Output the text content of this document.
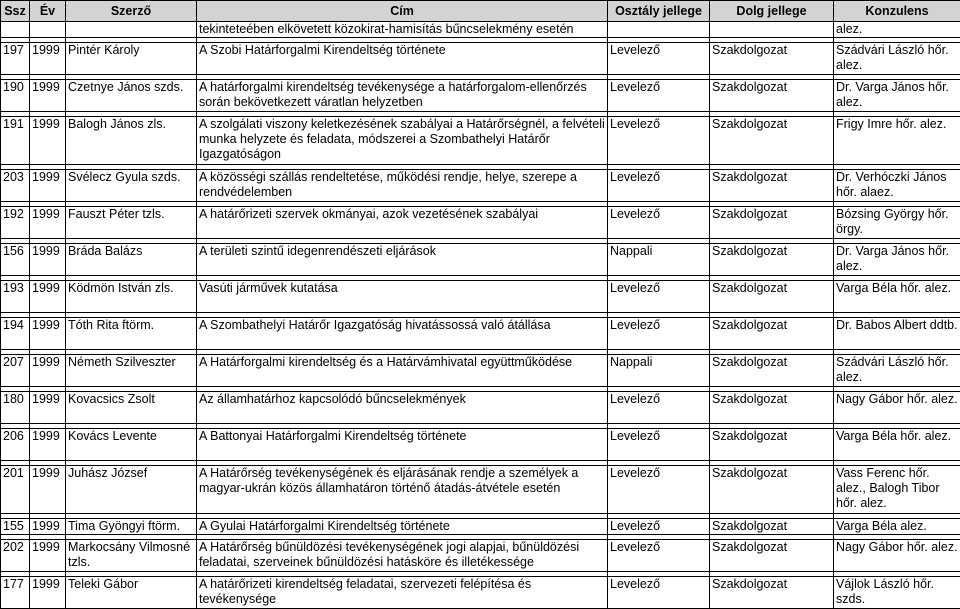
Ssz	Év	Szerző	Cím	Osztály jellege	Dolg jellege	Konzulens
			tekinteteében elkövetett közokirat-hamisítás bűncselekmény esetén			alez.

197	1999	Pintér Károly	A Szobi Határforgalmi Kirendeltség története	Levelező	Szakdolgozat	Szádvári László hőr. alez.

190	1999	Czetnye János szds.	A határforgalmi kirendeltség tevékenysége a határforgalom-ellenőrzés során bekövetkezett váratlan helyzetben	Levelező	Szakdolgozat	Dr. Varga János hőr. alez.

191	1999	Balogh János zls.	A szolgálati viszony keletkezésének szabályai a Határőrségnél, a felvételi munka helyzete és feladata, módszerei a Szombathelyi Határőr Igazgatóságon	Levelező	Szakdolgozat	Frigy Imre hőr. alez.

203	1999	Svélecz Gyula szds.	A közösségi szállás rendeltetése, működési rendje, helye, szerepe a rendvédelemben	Levelező	Szakdolgozat	Dr. Verhóczki János hőr. alaez.

192	1999	Fauszt Péter tzls.	A határőrizeti szervek okmányai, azok vezetésének szabályai	Levelező	Szakdolgozat	Bózsing György hőr. örgy.

156	1999	Bráda Balázs	A területi szintű idegenrendészeti eljárások	Nappali	Szakdolgozat	Dr. Varga János hőr. alez.

193	1999	Ködmön István zls.	Vasúti járművek kutatása	Levelező	Szakdolgozat	Varga Béla hőr. alez.

194	1999	Tóth Rita ftörm.	A Szombathelyi Határőr Igazgatóság hivatássossá való átállása	Levelező	Szakdolgozat	Dr. Babos Albert ddtb.

207	1999	Németh Szilveszter	A Határforgalmi kirendeltség és a Határvámhivatal együttműködése	Nappali	Szakdolgozat	Szádvári László hőr. alez.

180	1999	Kovacsics Zsolt	Az államhatárhoz kapcsolódó bűncselekmények	Levelező	Szakdolgozat	Nagy Gábor hőr. alez.

206	1999	Kovács Levente	A Battonyai Határforgalmi Kirendeltség története	Levelező	Szakdolgozat	Varga Béla hőr. alez.

201	1999	Juhász József	A Határőrség tevékenységének és eljárásának rendje a személyek a magyar-ukrán közös államhatáron történő átadás-átvétele esetén	Levelező	Szakdolgozat	Vass Ferenc hőr. alez., Balogh Tibor hőr. alez.

155	1999	Tima Gyöngyi ftörm.	A Gyulai Határforgalmi Kirendeltség története	Levelező	Szakdolgozat	Varga Béla alez.

202	1999	Markocsány Vilmosné tzls.	A Határőrség bűnüldözési tevékenységének jogi alapjai, bűnüldözési feladatai, szerveinek bűnüldözési hatásköre és illetékessége	Levelező	Szakdolgozat	Nagy Gábor hőr. alez.

177	1999	Teleki Gábor	A határőrizeti kirendeltség feladatai, szervezeti felépítésa és tevékenysége	Levelező	Szakdolgozat	Vájlok László hőr. szds.
